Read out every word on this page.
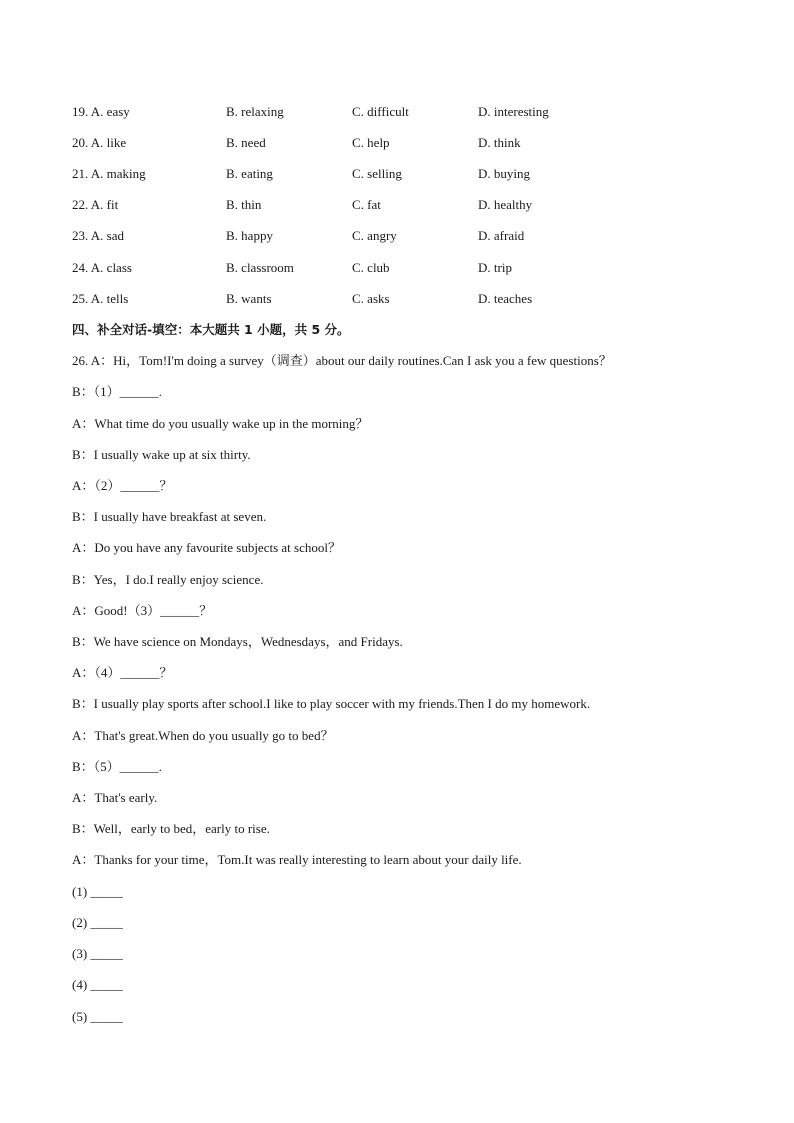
19. A. easy	B. relaxing	C. difficult	D. interesting
20. A. like	B. need	C. help	D. think
21. A. making	B. eating	C. selling	D. buying
22. A. fit	B. thin	C. fat	D. healthy
23. A. sad	B. happy	C. angry	D. afraid
24. A. class	B. classroom	C. club	D. trip
25. A. tells	B. wants	C. asks	D. teaches
四、补全对话-填空：本大题共 1 小题，共 5 分。
26. A：Hi，Tom!I'm doing a survey（调查）about our daily routines.Can I ask you a few questions？
B：（1）______.
A：What time do you usually wake up in the morning？
B：I usually wake up at six thirty.
A：（2）______？
B：I usually have breakfast at seven.
A：Do you have any favourite subjects at school？
B：Yes，I do.I really enjoy science.
A：Good!（3）______？
B：We have science on Mondays，Wednesdays，and Fridays.
A：（4）______？
B：I usually play sports after school.I like to play soccer with my friends.Then I do my homework.
A：That's great.When do you usually go to bed？
B：（5）______.
A：That's early.
B：Well，early to bed，early to rise.
A：Thanks for your time，Tom.It was really interesting to learn about your daily life.
(1) _____
(2) _____
(3) _____
(4) _____
(5) _____
